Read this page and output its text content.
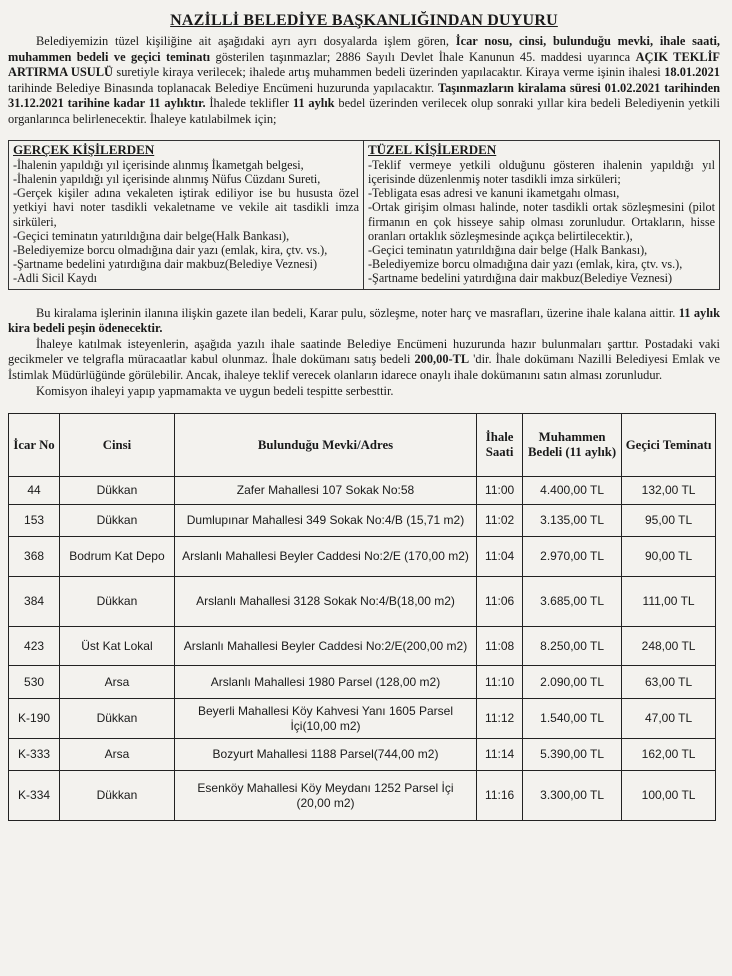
NAZİLLİ BELEDİYE BAŞKANLIĞINDAN DUYURU

Belediyemizin tüzel kişiliğine ait aşağıdaki ayrı ayrı dosyalarda işlem gören, İcar nosu, cinsi, bulunduğu mevki, ihale saati, muhammen bedeli ve geçici teminatı gösterilen taşınmazlar; 2886 Sayılı Devlet İhale Kanunun 45. maddesi uyarınca AÇIK TEKLİF ARTIRMA USULÜ suretiyle kiraya verilecek; ihalede artış muhammen bedeli üzerinden yapılacaktır. Kiraya verme işinin ihalesi 18.01.2021 tarihinde Belediye Binasında toplanacak Belediye Encümeni huzurunda yapılacaktır. Taşınmazların kiralama süresi 01.02.2021 tarihinden 31.12.2021 tarihine kadar 11 aylıktır. İhalede teklifler 11 aylık bedel üzerinden verilecek olup sonraki yıllar kira bedeli Belediyenin yetkili organlarınca belirlenecektir. İhaleye katılabilmek için;

GERÇEK KİŞİLERDEN
-İhalenin yapıldığı yıl içerisinde alınmış İkametgah belgesi,
-İhalenin yapıldığı yıl içerisinde alınmış Nüfus Cüzdanı Sureti,
-Gerçek kişiler adına vekaleten iştirak ediliyor ise bu hususta özel yetkiyi havi noter tasdikli vekaletname ve vekile ait tasdikli imza sirküleri,
-Geçici teminatın yatırıldığına dair belge(Halk Bankası),
-Belediyemize borcu olmadığına dair yazı (emlak, kira, çtv. vs.),
-Şartname bedelini yatırdığına dair makbuz(Belediye Veznesi)
-Adli Sicil Kaydı
TÜZEL KİŞİLERDEN
-Teklif vermeye yetkili olduğunu gösteren ihalenin yapıldığı yıl içerisinde düzenlenmiş noter tasdikli imza sirküleri;
-Tebligata esas adresi ve kanuni ikametgahı olması,
-Ortak girişim olması halinde, noter tasdikli ortak sözleşmesini (pilot firmanın en çok hisseye sahip olması zorunludur. Ortakların, hisse oranları ortaklık sözleşmesinde açıkça belirtilecektir.),
-Geçici teminatın yatırıldığına dair belge (Halk Bankası),
-Belediyemize borcu olmadığına dair yazı (emlak, kira, çtv. vs.),
-Şartname bedelini yatırdığına dair makbuz(Belediye Veznesi)

Bu kiralama işlerinin ilanına ilişkin gazete ilan bedeli, Karar pulu, sözleşme, noter harç ve masrafları, üzerine ihale kalana aittir. 11 aylık kira bedeli peşin ödenecektir.

İhaleye katılmak isteyenlerin, aşağıda yazılı ihale saatinde Belediye Encümeni huzurunda hazır bulunmaları şarttır. Postadaki vaki gecikmeler ve telgrafla müracaatlar kabul olunmaz. İhale dokümanı satış bedeli 200,00-TL 'dir. İhale dokümanı Nazilli Belediyesi Emlak ve İstimlak Müdürlüğünde görülebilir. Ancak, ihaleye teklif verecek olanların idarece onaylı ihale dokümanını satın alması zorunludur.

Komisyon ihaleyi yapıp yapmamakta ve uygun bedeli tespitte serbesttir.

İcar No	Cinsi	Bulunduğu Mevki/Adres	İhale Saati	Muhammen Bedeli (11 aylık)	Geçici Teminatı
44	Dükkan	Zafer Mahallesi 107 Sokak No:58	11:00	4.400,00 TL	132,00 TL
153	Dükkan	Dumlupınar Mahallesi 349 Sokak No:4/B (15,71 m2)	11:02	3.135,00 TL	95,00 TL
368	Bodrum Kat Depo	Arslanlı Mahallesi Beyler Caddesi No:2/E (170,00 m2)	11:04	2.970,00 TL	90,00 TL
384	Dükkan	Arslanlı Mahallesi 3128 Sokak No:4/B(18,00 m2)	11:06	3.685,00 TL	111,00 TL
423	Üst Kat Lokal	Arslanlı Mahallesi Beyler Caddesi No:2/E(200,00 m2)	11:08	8.250,00 TL	248,00 TL
530	Arsa	Arslanlı Mahallesi 1980 Parsel (128,00 m2)	11:10	2.090,00 TL	63,00 TL
K-190	Dükkan	Beyerli Mahallesi Köy Kahvesi Yanı 1605 Parsel
İçi(10,00 m2)	11:12	1.540,00 TL	47,00 TL
K-333	Arsa	Bozyurt Mahallesi 1188 Parsel(744,00 m2)	11:14	5.390,00 TL	162,00 TL
K-334	Dükkan	Esenköy Mahallesi Köy Meydanı 1252 Parsel İçi
(20,00 m2)	11:16	3.300,00 TL	100,00 TL
